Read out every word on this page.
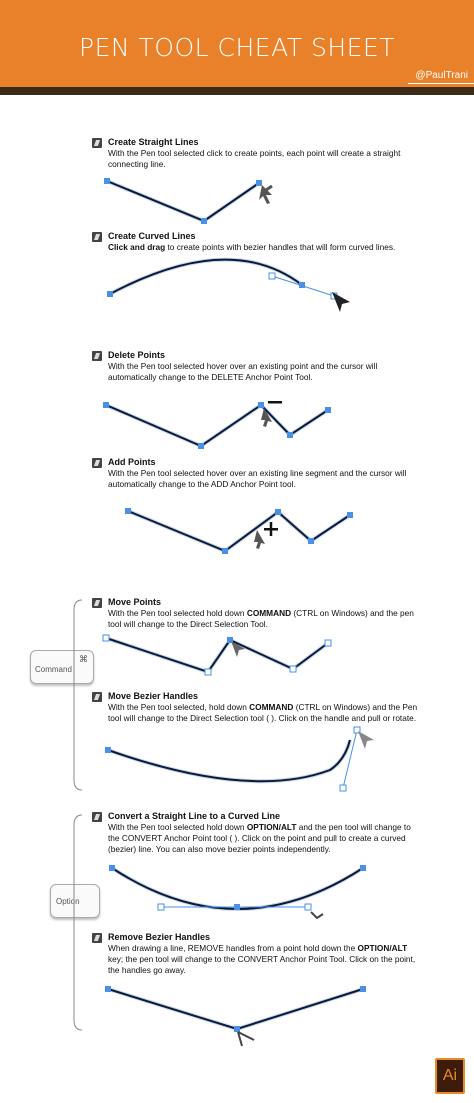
PEN TOOL CHEAT SHEET
@PaulTrani
Create Straight Lines
With the Pen tool selected click to create points, each point will create a straight connecting line.
Create Curved Lines
Click and drag to create points with bezier handles that will form curved lines.
Delete Points
With the Pen tool selected hover over an existing point and the cursor will automatically change to the DELETE Anchor Point Tool.
Add Points
With the Pen tool selected hover over an existing line segment and the cursor will automatically change to the ADD Anchor Point tool.
Move Points
With the Pen tool selected hold down COMMAND (CTRL on Windows) and the pen tool will change to the Direct Selection Tool.
Move Bezier Handles
With the Pen tool selected, hold down COMMAND (CTRL on Windows) and the Pen tool will change to the Direct Selection tool ( ). Click on the handle and pull or rotate.
Convert a Straight Line to a Curved Line
With the Pen tool selected hold down OPTION/ALT and the pen tool will change to the CONVERT Anchor Point tool ( ). Click on the point and pull to create a curved (bezier) line. You can also move bezier points independently.
Remove Bezier Handles
When drawing a line, REMOVE handles from a point hold down the OPTION/ALT key; the pen tool will change to the CONVERT Anchor Point Tool. Click on the point, the handles go away.
Command
⌘
Option
Ai
